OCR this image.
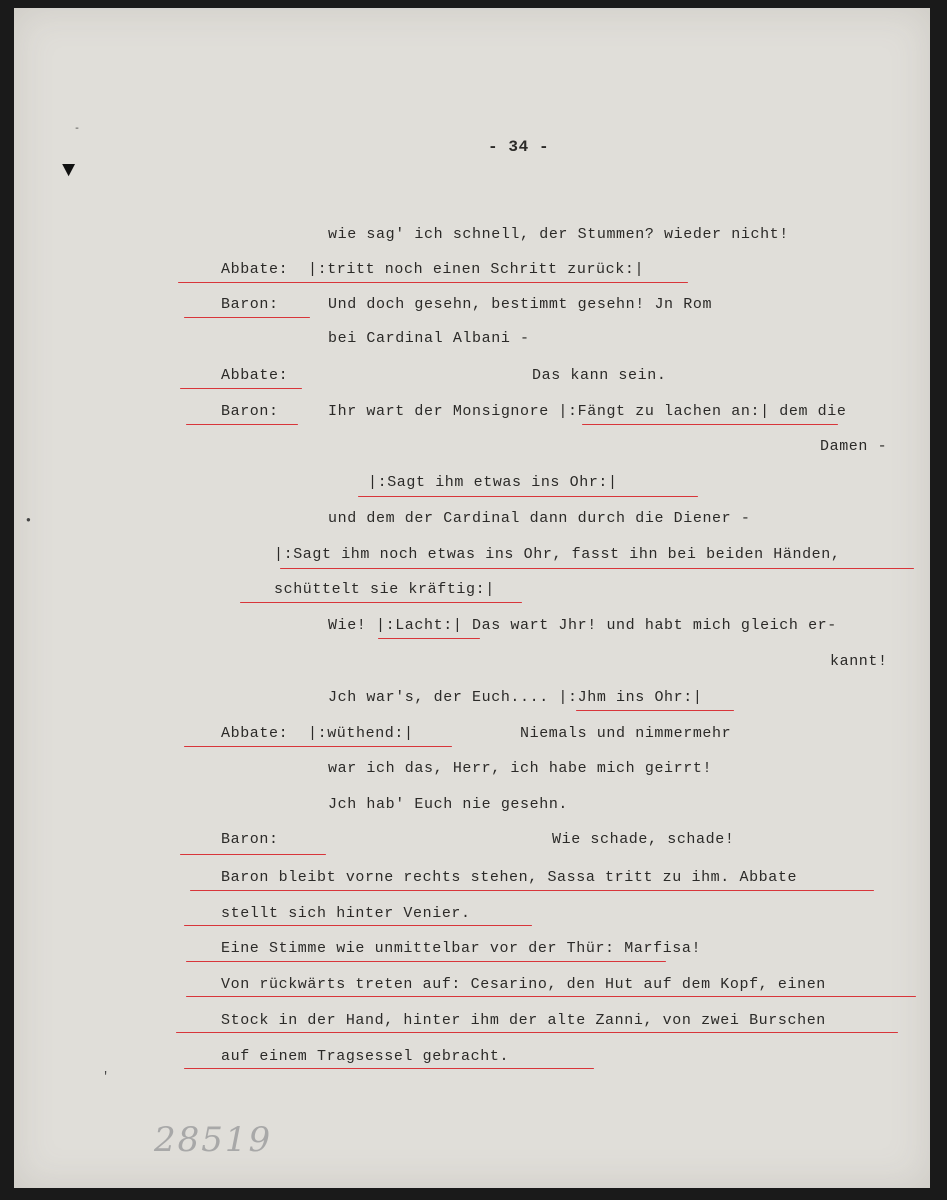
-
▼
●
'
- 34 -
wie sag' ich schnell, der Stummen? wieder nicht!
Abbate: |:tritt noch einen Schritt zurück:|
Baron:	Und doch gesehn, bestimmt gesehn! Jn Rom
bei Cardinal Albani -
Abbate:	Das kann sein.
Baron:	Ihr wart der Monsignore |:Fängt zu lachen an:| dem die
Damen -
|:Sagt ihm etwas ins Ohr:|
und dem der Cardinal dann durch die Diener -
|:Sagt ihm noch etwas ins Ohr, fasst ihn bei beiden Händen,
schüttelt sie kräftig:|
Wie! |:Lacht:| Das wart Jhr! und habt mich gleich er-
kannt!
Jch war's, der Euch.... |:Jhm ins Ohr:|
Abbate: |:wüthend:|	Niemals und nimmermehr
war ich das, Herr, ich habe mich geirrt!
Jch hab' Euch nie gesehn.
Baron:	Wie schade, schade!
Baron bleibt vorne rechts stehen, Sassa tritt zu ihm. Abbate
stellt sich hinter Venier.
Eine Stimme wie unmittelbar vor der Thür: Marfisa!
Von rückwärts treten auf: Cesarino, den Hut auf dem Kopf, einen
Stock in der Hand, hinter ihm der alte Zanni, von zwei Burschen
auf einem Tragsessel gebracht.
28519
